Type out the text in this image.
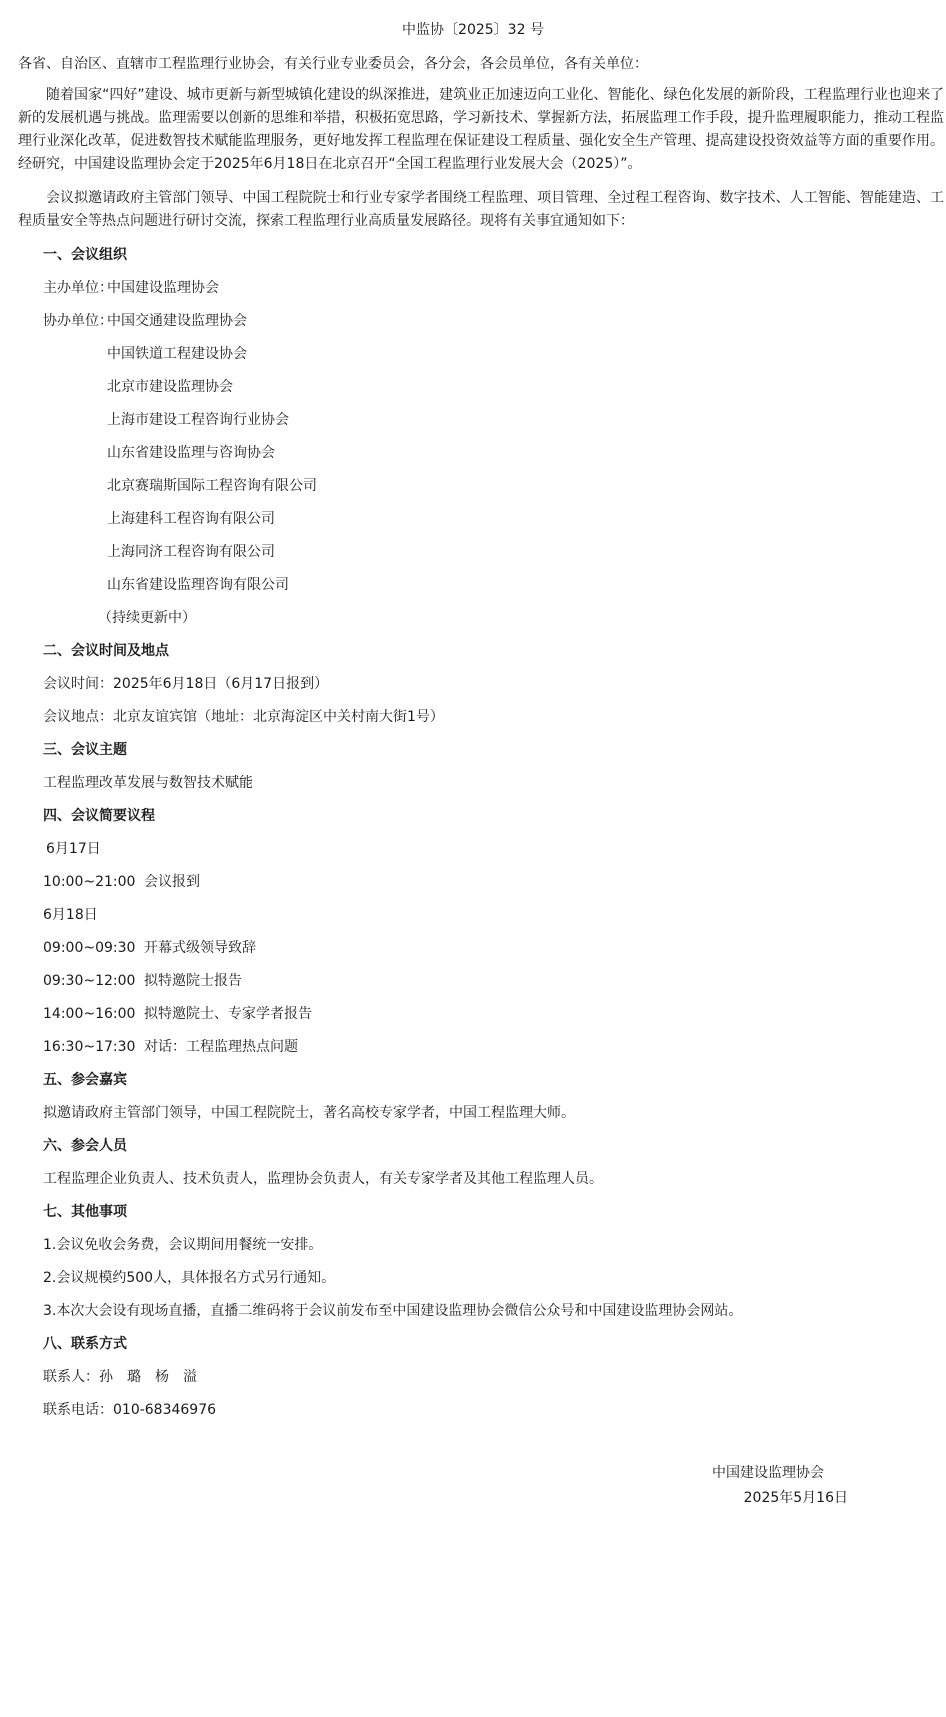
中监协〔2025〕32 号
各省、自治区、直辖市工程监理行业协会，有关行业专业委员会，各分会，各会员单位，各有关单位：
随着国家“四好”建设、城市更新与新型城镇化建设的纵深推进，建筑业正加速迈向工业化、智能化、绿色化发展的新阶段，工程监理行业也迎来了新的发展机遇与挑战。监理需要以创新的思维和举措，积极拓宽思路，学习新技术、掌握新方法，拓展监理工作手段，提升监理履职能力，推动工程监理行业深化改革，促进数智技术赋能监理服务，更好地发挥工程监理在保证建设工程质量、强化安全生产管理、提高建设投资效益等方面的重要作用。经研究，中国建设监理协会定于2025年6月18日在北京召开“全国工程监理行业发展大会（2025）”。
会议拟邀请政府主管部门领导、中国工程院院士和行业专家学者围绕工程监理、项目管理、全过程工程咨询、数字技术、人工智能、智能建造、工程质量安全等热点问题进行研讨交流，探索工程监理行业高质量发展路径。现将有关事宜通知如下：
一、会议组织
主办单位：
中国建设监理协会
协办单位：
中国交通建设监理协会
中国铁道工程建设协会
北京市建设监理协会
上海市建设工程咨询行业协会
山东省建设监理与咨询协会
北京赛瑞斯国际工程咨询有限公司
上海建科工程咨询有限公司
上海同济工程咨询有限公司
山东省建设监理咨询有限公司
（持续更新中）
二、会议时间及地点
会议时间：2025年6月18日（6月17日报到）
会议地点：北京友谊宾馆（地址：北京海淀区中关村南大街1号）
三、会议主题
工程监理改革发展与数智技术赋能
四、会议简要议程
6月17日
10:00~21:00 会议报到
6月18日
09:00~09:30 开幕式级领导致辞
09:30~12:00 拟特邀院士报告
14:00~16:00 拟特邀院士、专家学者报告
16:30~17:30 对话：工程监理热点问题
五、参会嘉宾
拟邀请政府主管部门领导，中国工程院院士，著名高校专家学者，中国工程监理大师。
六、参会人员
工程监理企业负责人、技术负责人，监理协会负责人，有关专家学者及其他工程监理人员。
七、其他事项
1.会议免收会务费，会议期间用餐统一安排。
2.会议规模约500人，具体报名方式另行通知。
3.本次大会设有现场直播，直播二维码将于会议前发布至中国建设监理协会微信公众号和中国建设监理协会网站。
八、联系方式
联系人：孙　璐　杨　溢
联系电话：010-68346976
中国建设监理协会
2025年5月16日
